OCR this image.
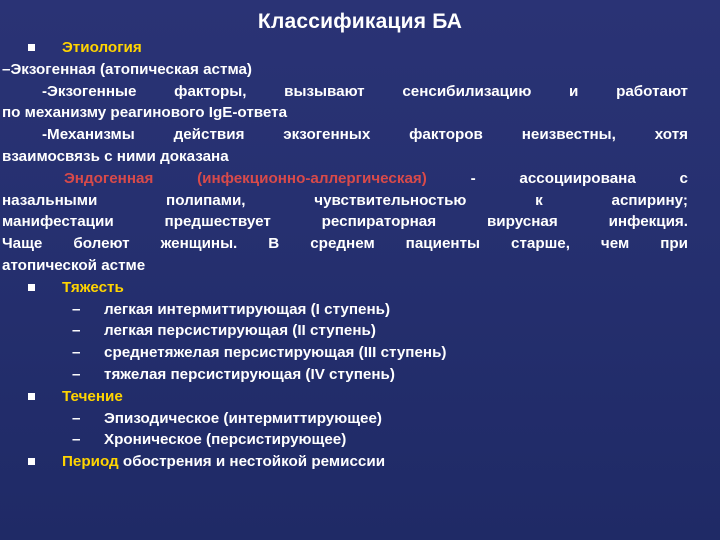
Классификация БА
Этиология
–Экзогенная (атопическая астма)
-Экзогенные факторы, вызывают сенсибилизацию и работают
по механизму реагинового IgE-ответа
-Механизмы действия экзогенных факторов неизвестны, хотя
взаимосвязь с ними доказана
Эндогенная (инфекционно-аллергическая) - ассоциирована с
назальными полипами, чувствительностью к аспирину;
манифестации предшествует респираторная вирусная инфекция.
Чаще болеют женщины. В среднем пациенты старше, чем при
атопической астме
Тяжесть
– легкая интермиттирующая (I ступень)
– легкая персистирующая (II ступень)
– среднетяжелая персистирующая (III ступень)
– тяжелая персистирующая (IV ступень)
Течение
– Эпизодическое (интермиттирующее)
– Хроническое (персистирующее)
Период обострения и нестойкой ремиссии
